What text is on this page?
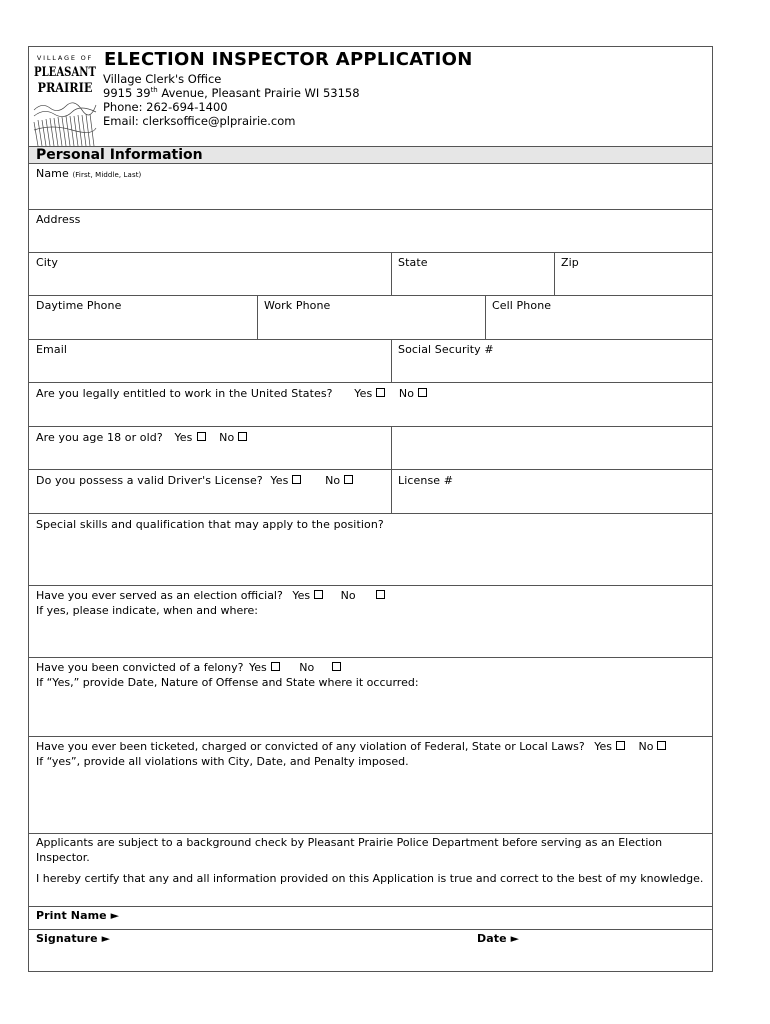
VILLAGE OF
PLEASANT
PRAIRIE
ELECTION INSPECTOR APPLICATION
Village Clerk's Office
9915 39th Avenue, Pleasant Prairie WI 53158
Phone: 262-694-1400
Email: clerksoffice@plprairie.com
Personal Information
Name (First, Middle, Last)
Address
City	State	Zip
Daytime Phone	Work Phone	Cell Phone
Email	Social Security #
Are you legally entitled to work in the United States? Yes No
Are you age 18 or old? Yes No
Do you possess a valid Driver's License? Yes	No	License #
Special skills and qualification that may apply to the position?
Have you ever served as an election official? Yes	No
If yes, please indicate, when and where:
Have you been convicted of a felony? Yes	No
If “Yes,” provide Date, Nature of Offense and State where it occurred:
Have you ever been ticketed, charged or convicted of any violation of Federal, State or Local Laws? Yes No
If “yes”, provide all violations with City, Date, and Penalty imposed.
Applicants are subject to a background check by Pleasant Prairie Police Department before serving as an Election Inspector.
I hereby certify that any and all information provided on this Application is true and correct to the best of my knowledge.
Print Name ►
Signature ►	Date ►
